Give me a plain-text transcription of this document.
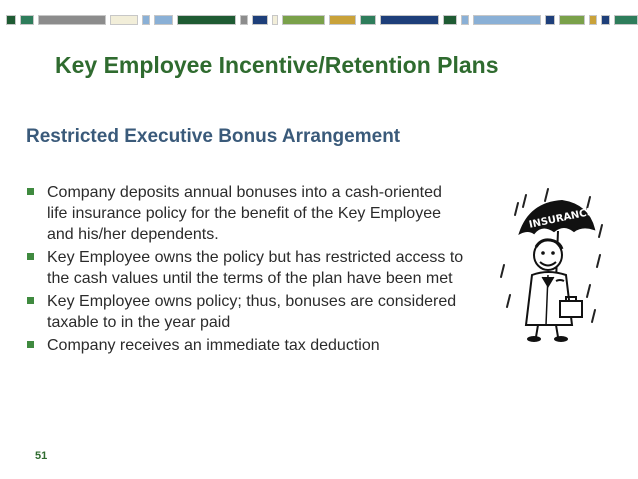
Key Employee Incentive/Retention Plans
Restricted Executive Bonus Arrangement
Company deposits annual bonuses into a cash-oriented life insurance policy for the benefit of the Key Employee and his/her dependents.
Key Employee owns the policy but has restricted access to the cash values until the terms of the plan have been met
Key Employee owns policy; thus, bonuses are considered taxable to in the year paid
Company receives an immediate tax deduction
INSURANCE
51
